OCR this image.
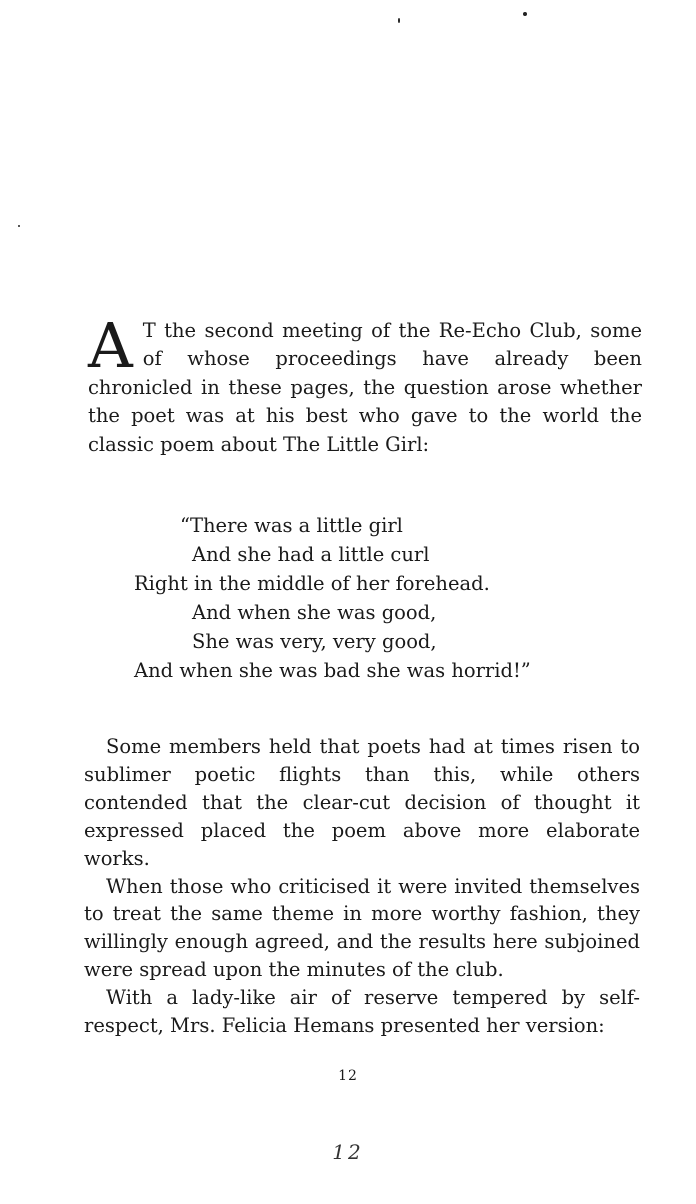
A T the second meeting of the Re-Echo Club, some of whose proceedings have already been chronicled in these pages, the question arose whether the poet was at his best who gave to the world the classic poem about The Little Girl:
“There was a little girl
And she had a little curl
Right in the middle of her forehead.
And when she was good,
She was very, very good,
And when she was bad she was horrid!”

Some members held that poets had at times risen to sublimer poetic flights than this, while others contended that the clear-cut decision of thought it expressed placed the poem above more elaborate works.

When those who criticised it were invited themselves to treat the same theme in more worthy fashion, they willingly enough agreed, and the results here subjoined were spread upon the minutes of the club.

With a lady-like air of reserve tempered by self-respect, Mrs. Felicia Hemans presented her version:

12
12
